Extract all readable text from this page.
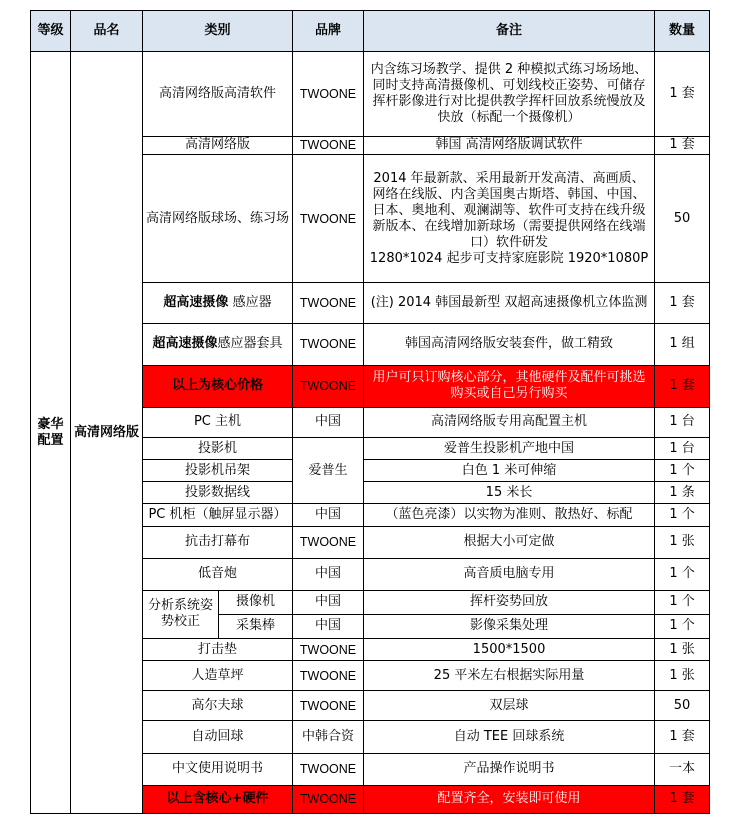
等级	品名	类别		品牌	备注	数量
豪华配置	高清网络版	高清网络版高清软件		TWOONE	内含练习场教学、提供 2 种模拟式练习场场地、同时支持高清摄像机、可划线校正姿势、可储存挥杆影像进行对比提供教学挥杆回放系统慢放及快放（标配一个摄像机）	1 套
		高清网络版		TWOONE	韩国 高清网络版调试软件	1 套
		高清网络版球场、练习场		TWOONE	2014 年最新款、采用最新开发高清、高画质、网络在线版、内含美国奥古斯塔、韩国、中国、日本、奥地利、观澜湖等、软件可支持在线升级新版本、在线增加新球场（需要提供网络在线端口）软件研发
1280*1024 起步可支持家庭影院 1920*1080P	50
		超高速摄像 感应器		TWOONE	(注) 2014 韩国最新型 双超高速摄像机立体监测	1 套
		超高速摄像感应器套具		TWOONE	韩国高清网络版安装套件，做工精致	1 组
		以上为核心价格		TWOONE	用户可只订购核心部分，其他硬件及配件可挑选购买或自己另行购买	1 套
		PC 主机		中国	高清网络版专用高配置主机	1 台
		投影机		爱普生	爱普生投影机产地中国	1 台
		投影机吊架			白色 1 米可伸缩	1 个
		投影数据线			15 米长	1 条
		PC 机柜（触屏显示器）		中国	（蓝色亮漆）以实物为准则、散热好、标配	1 个
		抗击打幕布		TWOONE	根据大小可定做	1 张
		低音炮		中国	高音质电脑专用	1 个
		分析系统姿势校正	摄像机	中国	挥杆姿势回放	1 个
			采集棒	中国	影像采集处理	1 个
		打击垫		TWOONE	1500*1500	1 张
		人造草坪		TWOONE	25 平米左右根据实际用量	1 张
		高尔夫球		TWOONE	双层球	50
		自动回球		中韩合资	自动 TEE 回球系统	1 套
		中文使用说明书		TWOONE	产品操作说明书	一本
		以上含核心+硬件		TWOONE	配置齐全，安装即可使用	1 套
